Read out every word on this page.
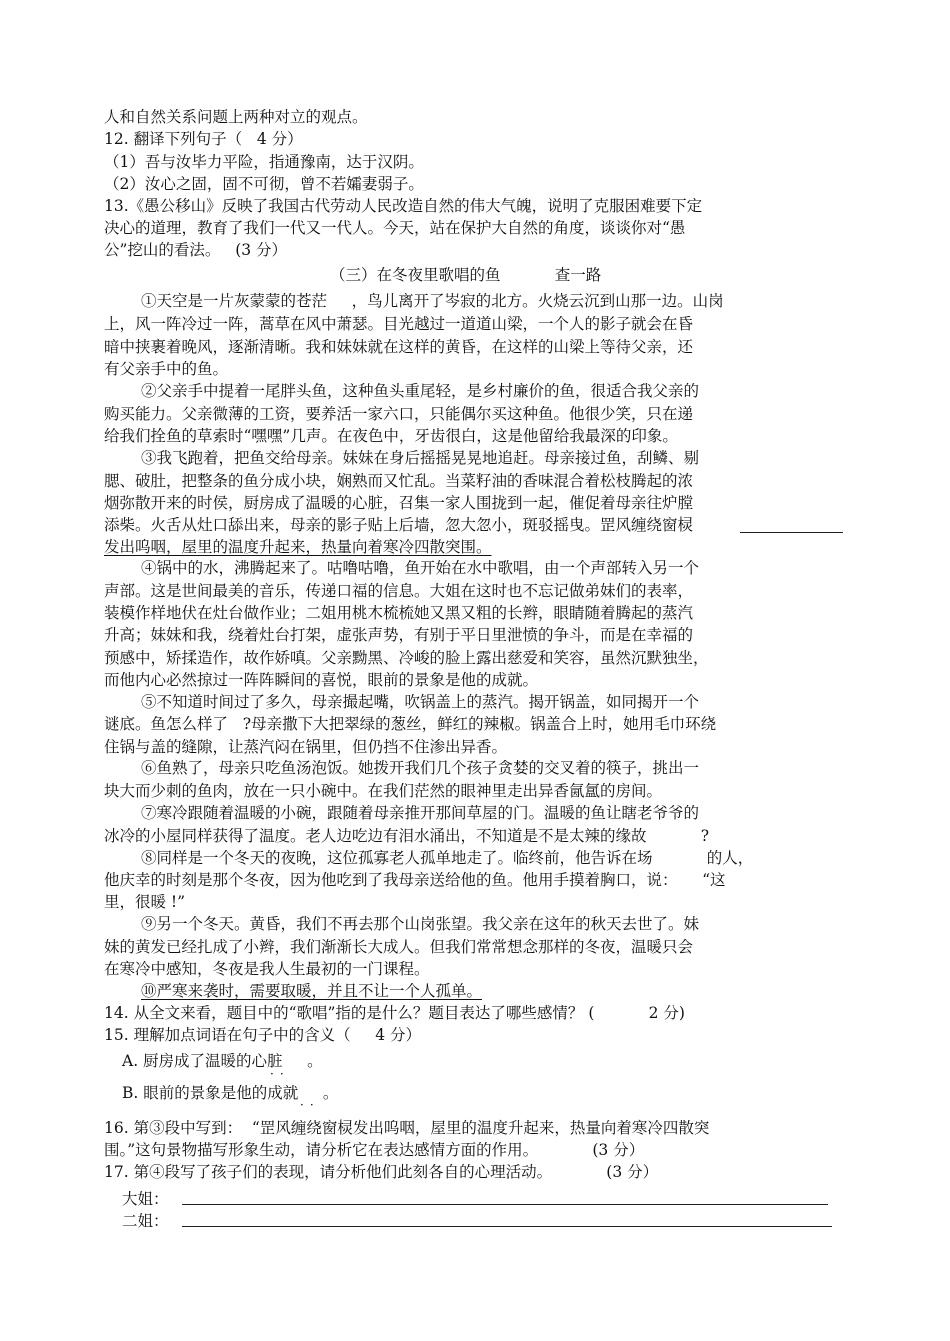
人和自然关系问题上两种对立的观点。
12. 翻译下列句子（   4 分）
（1）吾与汝毕力平险，指通豫南，达于汉阴。
（2）汝心之固，固不可彻，曾不若孀妻弱子。
13.《愚公移山》反映了我国古代劳动人民改造自然的伟大气魄，说明了克服困难要下定
决心的道理，教育了我们一代又一代人。今天，站在保护大自然的角度，谈谈你对“愚
公”挖山的看法。   (3 分）
（三）在冬夜里歌唱的鱼           查一路
①天空是一片灰蒙蒙的苍茫     ，鸟儿离开了岑寂的北方。火烧云沉到山那一边。山岗
上，风一阵冷过一阵，蒿草在风中萧瑟。目光越过一道道山梁，一个人的影子就会在昏
暗中挟裹着晚风，逐渐清晰。我和妹妹就在这样的黄昏，在这样的山梁上等待父亲，还
有父亲手中的鱼。
②父亲手中提着一尾胖头鱼，这种鱼头重尾轻，是乡村廉价的鱼，很适合我父亲的
购买能力。父亲微薄的工资，要养活一家六口，只能偶尔买这种鱼。他很少笑，只在递
给我们拴鱼的草索时“嘿嘿”几声。在夜色中，牙齿很白，这是他留给我最深的印象。
③我飞跑着，把鱼交给母亲。妹妹在身后摇摇晃晃地追赶。母亲接过鱼，刮鳞、剔
腮、破肚，把整条的鱼分成小块，娴熟而又忙乱。当菜籽油的香味混合着松枝腾起的浓
烟弥散开来的时侯，厨房成了温暖的心脏，召集一家人围拢到一起，催促着母亲往炉膛
添柴。火舌从灶口舔出来，母亲的影子贴上后墙，忽大忽小，斑驳摇曳。罡风缠绕窗棂
发出呜咽，屋里的温度升起来，热量向着寒冷四散突围。
④锅中的水，沸腾起来了。咕噜咕噜，鱼开始在水中歌唱，由一个声部转入另一个
声部。这是世间最美的音乐，传递口福的信息。大姐在这时也不忘记做弟妹们的表率，
装模作样地伏在灶台做作业；二姐用桃木梳梳她又黑又粗的长辫，眼睛随着腾起的蒸汽
升高；妹妹和我，绕着灶台打架，虚张声势，有别于平日里泄愤的争斗，而是在幸福的
预感中，矫揉造作，故作娇嗔。父亲黝黑、冷峻的脸上露出慈爱和笑容，虽然沉默独坐，
而他内心必然掠过一阵阵瞬间的喜悦，眼前的景象是他的成就。
⑤不知道时间过了多久，母亲撮起嘴，吹锅盖上的蒸汽。揭开锅盖，如同揭开一个
谜底。鱼怎么样了   ?母亲撒下大把翠绿的葱丝，鲜红的辣椒。锅盖合上时，她用毛巾环绕
住锅与盖的缝隙，让蒸汽闷在锅里，但仍挡不住渗出异香。
⑥鱼熟了，母亲只吃鱼汤泡饭。她拨开我们几个孩子贪婪的交叉着的筷子，挑出一
块大而少刺的鱼肉，放在一只小碗中。在我们茫然的眼神里走出异香氤氲的房间。
⑦寒冷跟随着温暖的小碗，跟随着母亲推开那间草屋的门。温暖的鱼让瞎老爷爷的
冰冷的小屋同样获得了温度。老人边吃边有泪水涌出，不知道是不是太辣的缘故           ?
⑧同样是一个冬天的夜晚，这位孤寡老人孤单地走了。临终前，他告诉在场           的人，
他庆幸的时刻是那个冬夜，因为他吃到了我母亲送给他的鱼。他用手摸着胸口，说：     “这
里，很暖 !”
⑨另一个冬天。黄昏，我们不再去那个山岗张望。我父亲在这年的秋天去世了。妹
妹的黄发已经扎成了小辫，我们渐渐长大成人。但我们常常想念那样的冬夜，温暖只会
在寒冷中感知，冬夜是我人生最初的一门课程。
⑩严寒来袭时，需要取暖，并且不让一个人孤单。
14. 从全文来看，题目中的“歌唱”指的是什么？题目表达了哪些感情？ (           2 分)
15. 理解加点词语在句子中的含义（     4 分）
A. 厨房成了温暖的心脏     。
··
B. 眼前的景象是他的成就     。
··
16. 第③段中写到：  “罡风缠绕窗棂发出呜咽，屋里的温度升起来，热量向着寒冷四散突
围。”这句景物描写形象生动，请分析它在表达感情方面的作用。           (3 分）
17. 第④段写了孩子们的表现，请分析他们此刻各自的心理活动。           (3 分）
大姐：
二姐：
